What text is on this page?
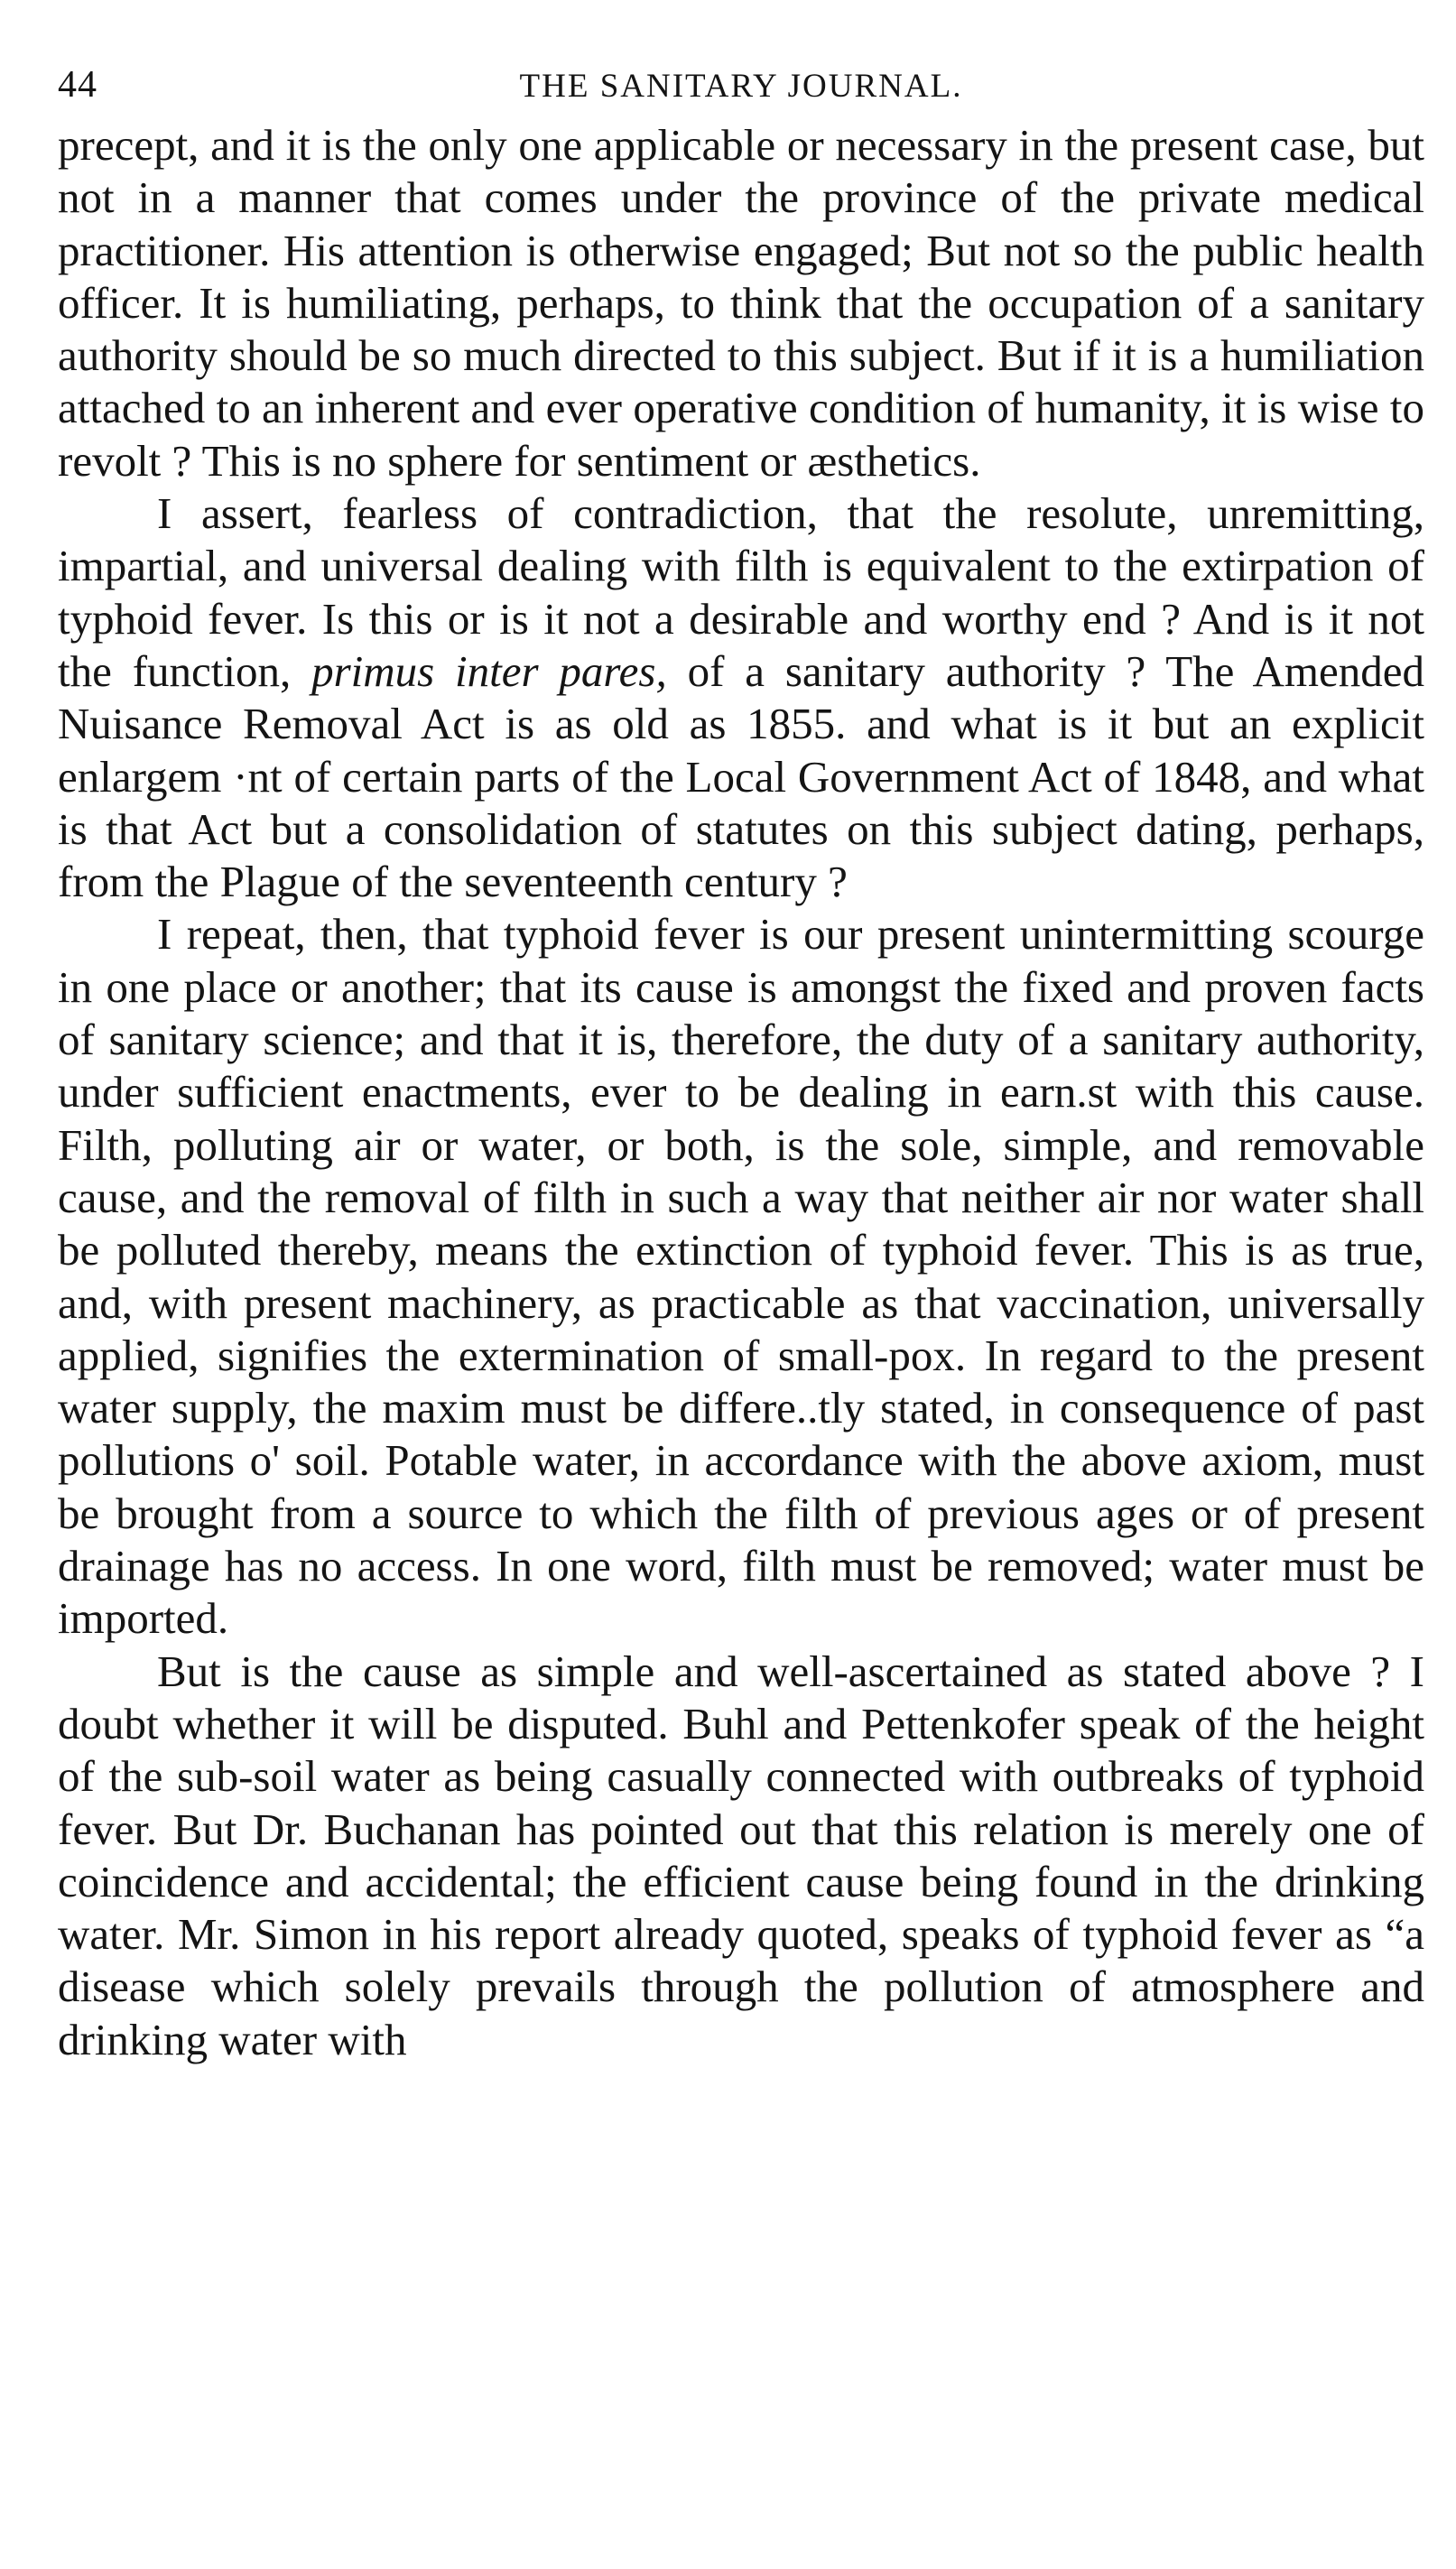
44	THE SANITARY JOURNAL.

precept, and it is the only one applicable or necessary in the present case, but not in a manner that comes under the province of the private medical practitioner. His attention is otherwise engaged; But not so the public health officer. It is humiliating, perhaps, to think that the occupation of a sanitary authority should be so much directed to this subject. But if it is a humiliation attached to an inherent and ever operative condition of humanity, it is wise to revolt ? This is no sphere for sentiment or æsthetics.

I assert, fearless of contradiction, that the resolute, unremitting, impartial, and universal dealing with filth is equivalent to the extirpation of typhoid fever. Is this or is it not a desirable and worthy end ? And is it not the function, primus inter pares, of a sanitary authority ? The Amended Nuisance Removal Act is as old as 1855. and what is it but an explicit enlargem ·nt of certain parts of the Local Government Act of 1848, and what is that Act but a consolidation of statutes on this subject dating, perhaps, from the Plague of the seventeenth century ?

I repeat, then, that typhoid fever is our present unintermitting scourge in one place or another; that its cause is amongst the fixed and proven facts of sanitary science; and that it is, therefore, the duty of a sanitary authority, under sufficient enactments, ever to be dealing in earn.st with this cause. Filth, polluting air or water, or both, is the sole, simple, and removable cause, and the removal of filth in such a way that neither air nor water shall be polluted thereby, means the extinction of typhoid fever. This is as true, and, with present machinery, as practicable as that vaccination, universally applied, signifies the extermination of small-pox. In regard to the present water supply, the maxim must be differe..tly stated, in consequence of past pollutions o' soil. Potable water, in accordance with the above axiom, must be brought from a source to which the filth of previous ages or of present drainage has no access. In one word, filth must be removed; water must be imported.

But is the cause as simple and well-ascertained as stated above ? I doubt whether it will be disputed. Buhl and Pettenkofer speak of the height of the sub-soil water as being casually connected with outbreaks of typhoid fever. But Dr. Buchanan has pointed out that this relation is merely one of coincidence and accidental; the efficient cause being found in the drinking water. Mr. Simon in his report already quoted, speaks of typhoid fever as “a disease which solely prevails through the pollution of atmosphere and drinking water with
